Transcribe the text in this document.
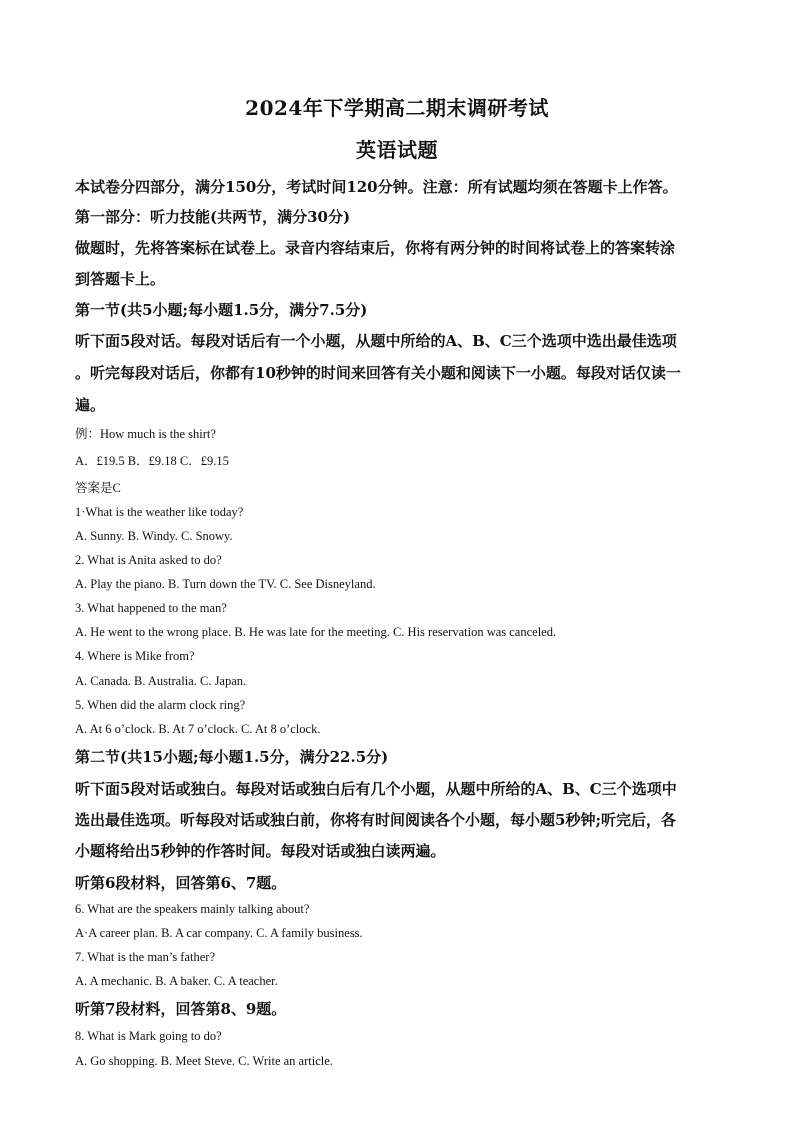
2024年下学期高二期末调研考试
英语试题
本试卷分四部分，满分150分，考试时间120分钟。注意：所有试题均须在答题卡上作答。
第一部分：听力技能(共两节，满分30分)
做题时，先将答案标在试卷上。录音内容结束后，你将有两分钟的时间将试卷上的答案转涂
到答题卡上。
第一节(共5小题;每小题1.5分，满分7.5分)
听下面5段对话。每段对话后有一个小题，从题中所给的A、B、C三个选项中选出最佳选项
。听完每段对话后，你都有10秒钟的时间来回答有关小题和阅读下一小题。每段对话仅读一
遍。
例：How much is the shirt?
A．£19.5 B．£9.18 C．£9.15
答案是C
1·What is the weather like today?
A. Sunny. B. Windy. C. Snowy.
2. What is Anita asked to do?
A. Play the piano. B. Turn down the TV. C. See Disneyland.
3. What happened to the man?
A. He went to the wrong place. B. He was late for the meeting. C. His reservation was canceled.
4. Where is Mike from?
A. Canada. B. Australia. C. Japan.
5. When did the alarm clock ring?
A. At 6 o’clock. B. At 7 o’clock. C. At 8 o’clock.
第二节(共15小题;每小题1.5分，满分22.5分)
听下面5段对话或独白。每段对话或独白后有几个小题，从题中所给的A、B、C三个选项中
选出最佳选项。听每段对话或独白前，你将有时间阅读各个小题，每小题5秒钟;听完后，各
小题将给出5秒钟的作答时间。每段对话或独白读两遍。
听第6段材料，回答第6、7题。
6. What are the speakers mainly talking about?
A·A career plan. B. A car company. C. A family business.
7. What is the man’s father?
A. A mechanic. B. A baker. C. A teacher.
听第7段材料，回答第8、9题。
8. What is Mark going to do?
A. Go shopping. B. Meet Steve. C. Write an article.
